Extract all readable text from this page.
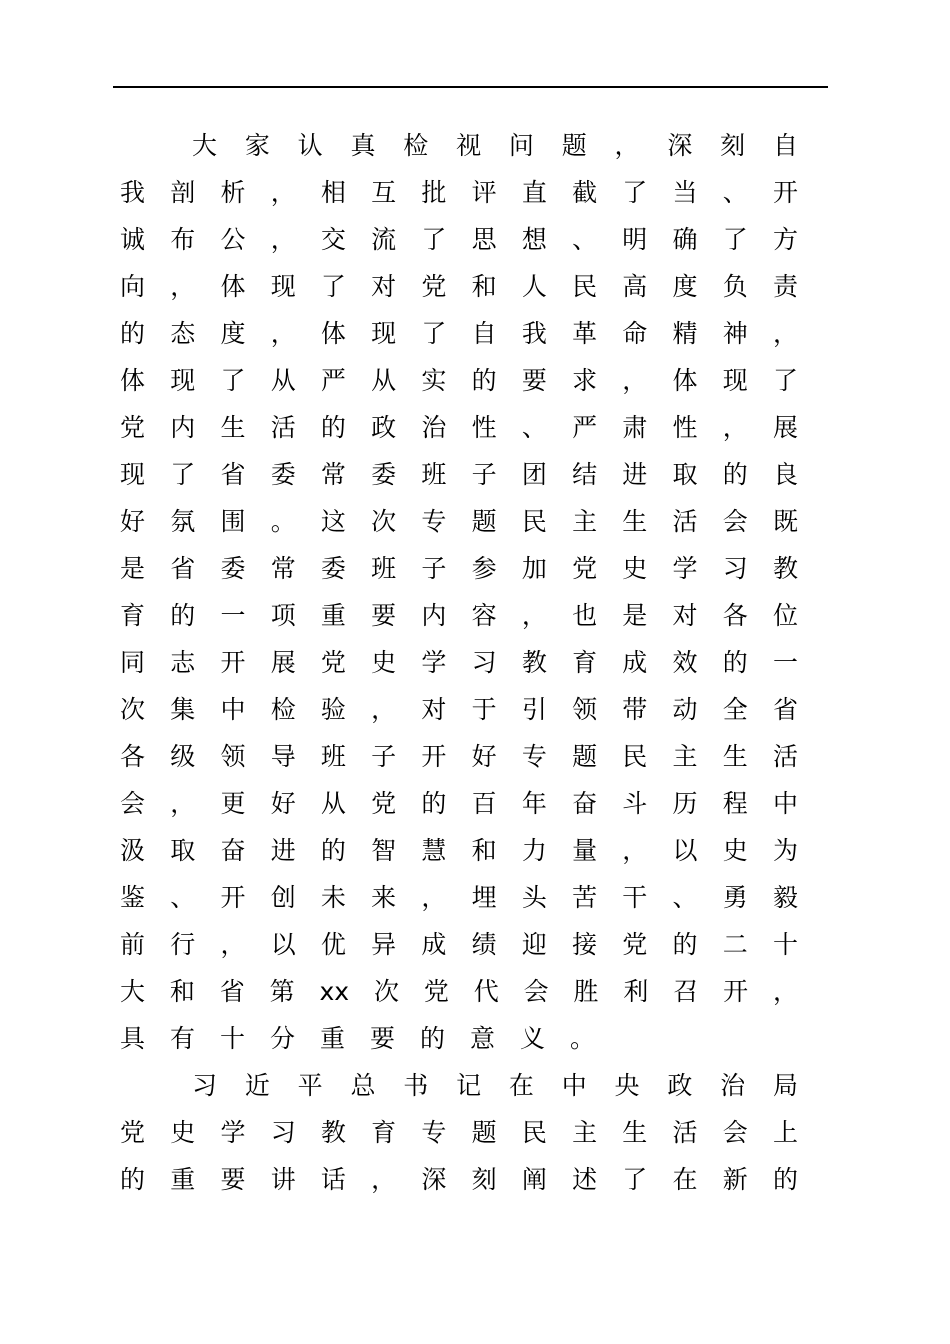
大家认真检视问题，深刻自
我剖析，相互批评直截了当、开
诚布公，交流了思想、明确了方
向，体现了对党和人民高度负责
的态度，体现了自我革命精神，
体现了从严从实的要求，体现了
党内生活的政治性、严肃性，展
现了省委常委班子团结进取的良
好氛围。这次专题民主生活会既
是省委常委班子参加党史学习教
育的一项重要内容，也是对各位
同志开展党史学习教育成效的一
次集中检验，对于引领带动全省
各级领导班子开好专题民主生活
会，更好从党的百年奋斗历程中
汲取奋进的智慧和力量，以史为
鉴、开创未来，埋头苦干、勇毅
前行，以优异成绩迎接党的二十
大和省第xx次党代会胜利召开，
具有十分重要的意义。
习近平总书记在中央政治局
党史学习教育专题民主生活会上
的重要讲话，深刻阐述了在新的
